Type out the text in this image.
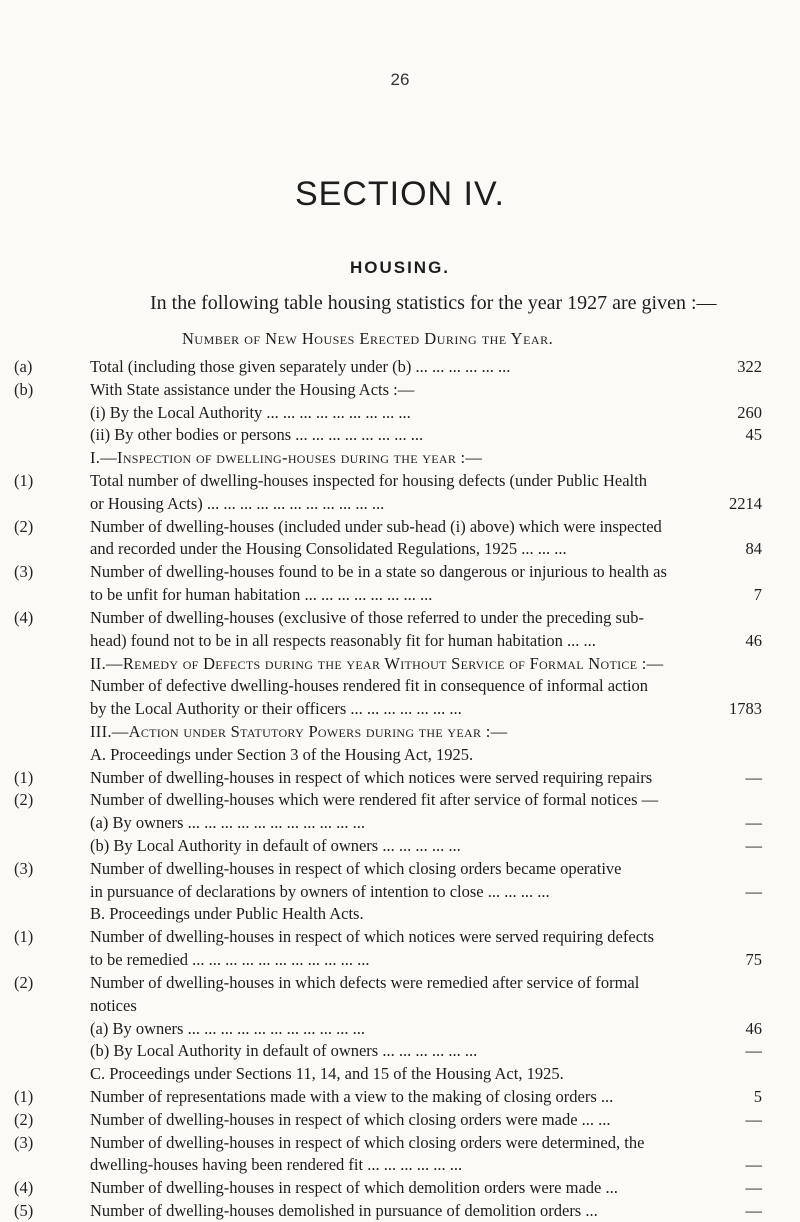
26
SECTION IV.
HOUSING.
In the following table housing statistics for the year 1927 are given :—
Number of New Houses Erected During the Year.
(a)	Total (including those given separately under (b) ... ... ... ... ... ...	322
(b)	With State assistance under the Housing Acts :—
(i) By the Local Authority ... ... ... ... ... ... ... ... ...	260
(ii) By other bodies or persons ... ... ... ... ... ... ... ...	45
I.—Inspection of dwelling-houses during the year :—
(1)	Total number of dwelling-houses inspected for housing defects (under Public Health
or Housing Acts) ... ... ... ... ... ... ... ... ... ... ...	2214
(2)	Number of dwelling-houses (included under sub-head (i) above) which were inspected
and recorded under the Housing Consolidated Regulations, 1925 ... ... ...	84
(3)	Number of dwelling-houses found to be in a state so dangerous or injurious to health as
to be unfit for human habitation ... ... ... ... ... ... ... ...	7
(4)	Number of dwelling-houses (exclusive of those referred to under the preceding sub-
head) found not to be in all respects reasonably fit for human habitation ... ...	46
II.—Remedy of Defects during the year Without Service of Formal Notice :—
Number of defective dwelling-houses rendered fit in consequence of informal action
by the Local Authority or their officers ... ... ... ... ... ... ...	1783
III.—Action under Statutory Powers during the year :—
A. Proceedings under Section 3 of the Housing Act, 1925.
(1)	Number of dwelling-houses in respect of which notices were served requiring repairs	—
(2)	Number of dwelling-houses which were rendered fit after service of formal notices —
(a) By owners ... ... ... ... ... ... ... ... ... ... ...	—
(b) By Local Authority in default of owners ... ... ... ... ...	—
(3)	Number of dwelling-houses in respect of which closing orders became operative
in pursuance of declarations by owners of intention to close ... ... ... ...	—
B. Proceedings under Public Health Acts.
(1)	Number of dwelling-houses in respect of which notices were served requiring defects
to be remedied ... ... ... ... ... ... ... ... ... ... ...	75
(2)	Number of dwelling-houses in which defects were remedied after service of formal
notices
(a) By owners ... ... ... ... ... ... ... ... ... ... ...	46
(b) By Local Authority in default of owners ... ... ... ... ... ...	—
C. Proceedings under Sections 11, 14, and 15 of the Housing Act, 1925.
(1)	Number of representations made with a view to the making of closing orders ...	5
(2)	Number of dwelling-houses in respect of which closing orders were made ... ...	—
(3)	Number of dwelling-houses in respect of which closing orders were determined, the
dwelling-houses having been rendered fit ... ... ... ... ... ...	—
(4)	Number of dwelling-houses in respect of which demolition orders were made ...	—
(5)	Number of dwelling-houses demolished in pursuance of demolition orders ...	—
